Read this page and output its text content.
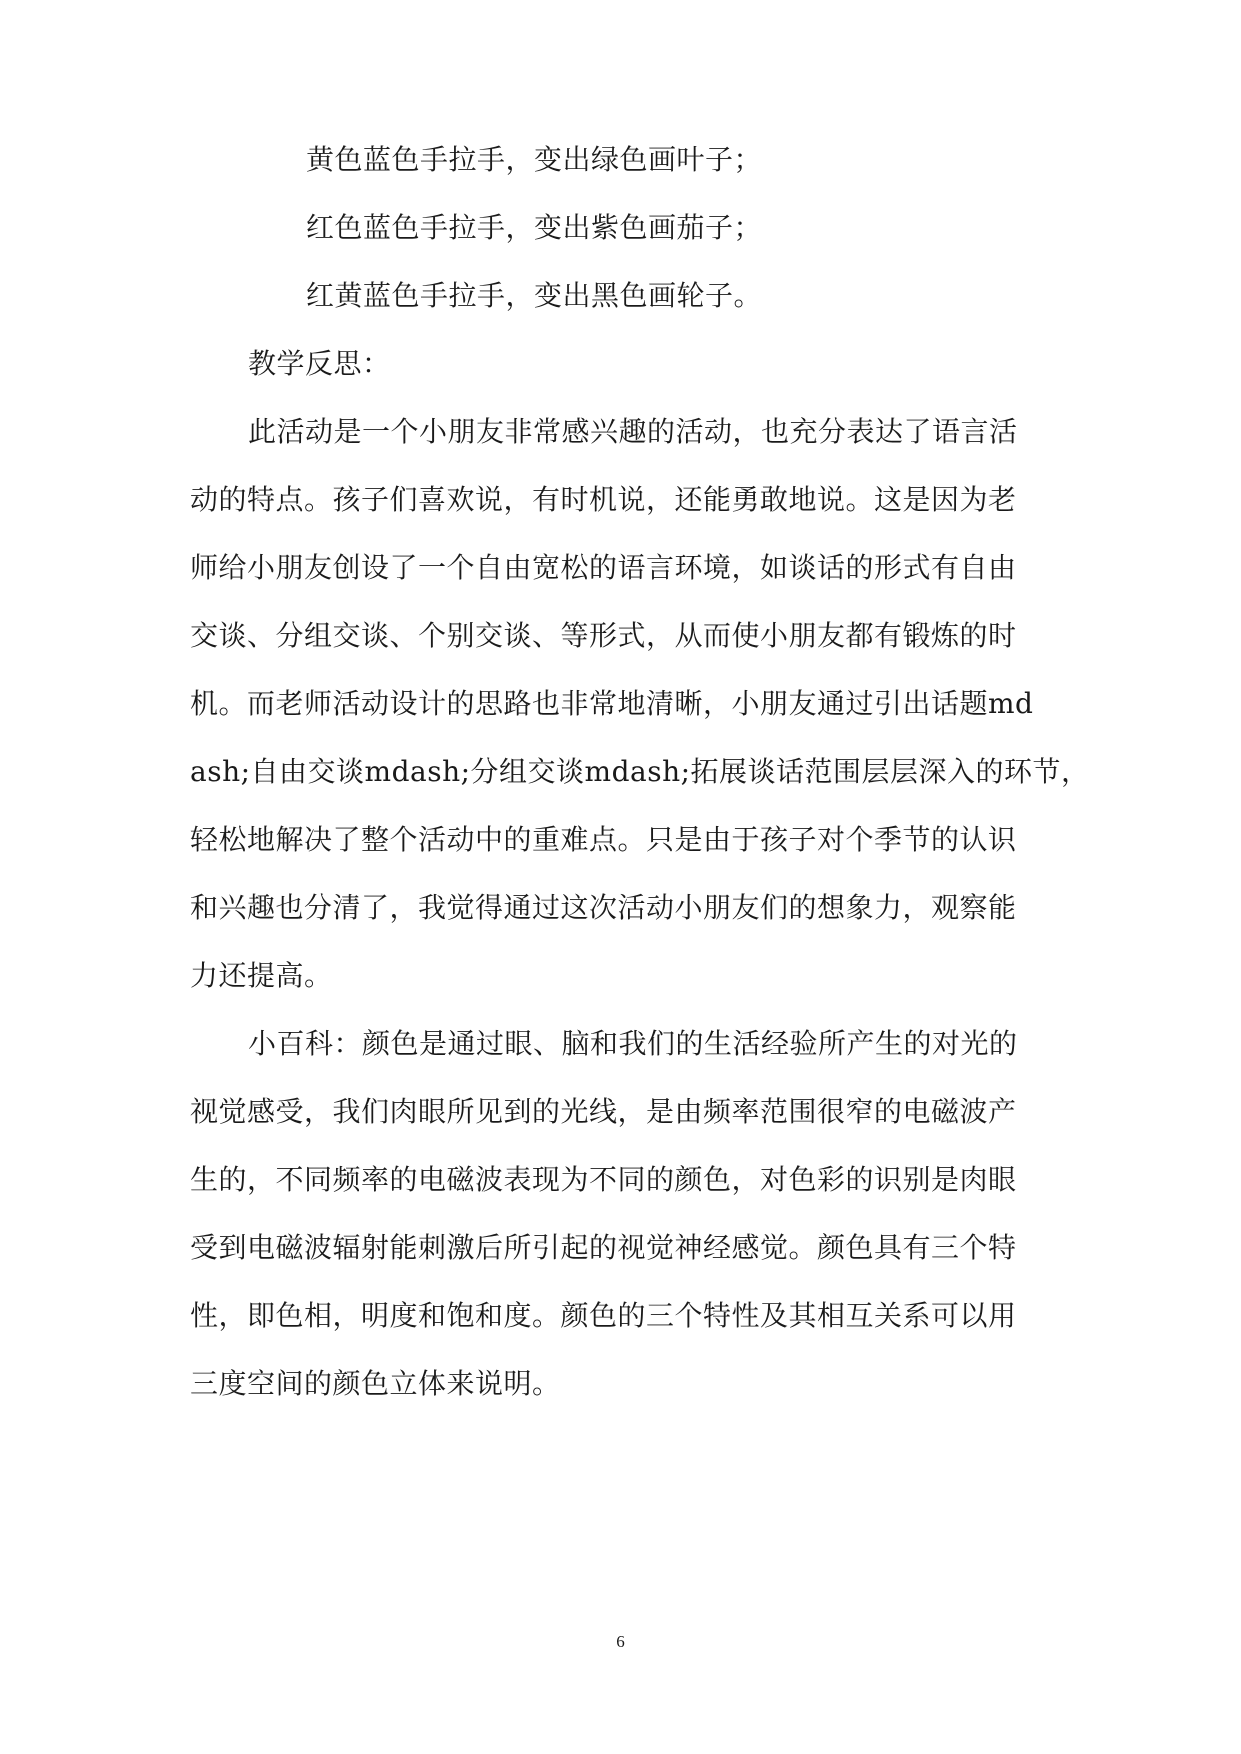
黄色蓝色手拉手，变出绿色画叶子；
红色蓝色手拉手，变出紫色画茄子；
红黄蓝色手拉手，变出黑色画轮子。
教学反思：
此活动是一个小朋友非常感兴趣的活动，也充分表达了语言活
动的特点。孩子们喜欢说，有时机说，还能勇敢地说。这是因为老
师给小朋友创设了一个自由宽松的语言环境，如谈话的形式有自由
交谈、分组交谈、个别交谈、等形式，从而使小朋友都有锻炼的时
机。而老师活动设计的思路也非常地清晰，小朋友通过引出话题md
ash;自由交谈mdash;分组交谈mdash;拓展谈话范围层层深入的环节，
轻松地解决了整个活动中的重难点。只是由于孩子对个季节的认识
和兴趣也分清了，我觉得通过这次活动小朋友们的想象力，观察能
力还提高。
小百科：颜色是通过眼、脑和我们的生活经验所产生的对光的
视觉感受，我们肉眼所见到的光线，是由频率范围很窄的电磁波产
生的，不同频率的电磁波表现为不同的颜色，对色彩的识别是肉眼
受到电磁波辐射能刺激后所引起的视觉神经感觉。颜色具有三个特
性，即色相，明度和饱和度。颜色的三个特性及其相互关系可以用
三度空间的颜色立体来说明。
6
